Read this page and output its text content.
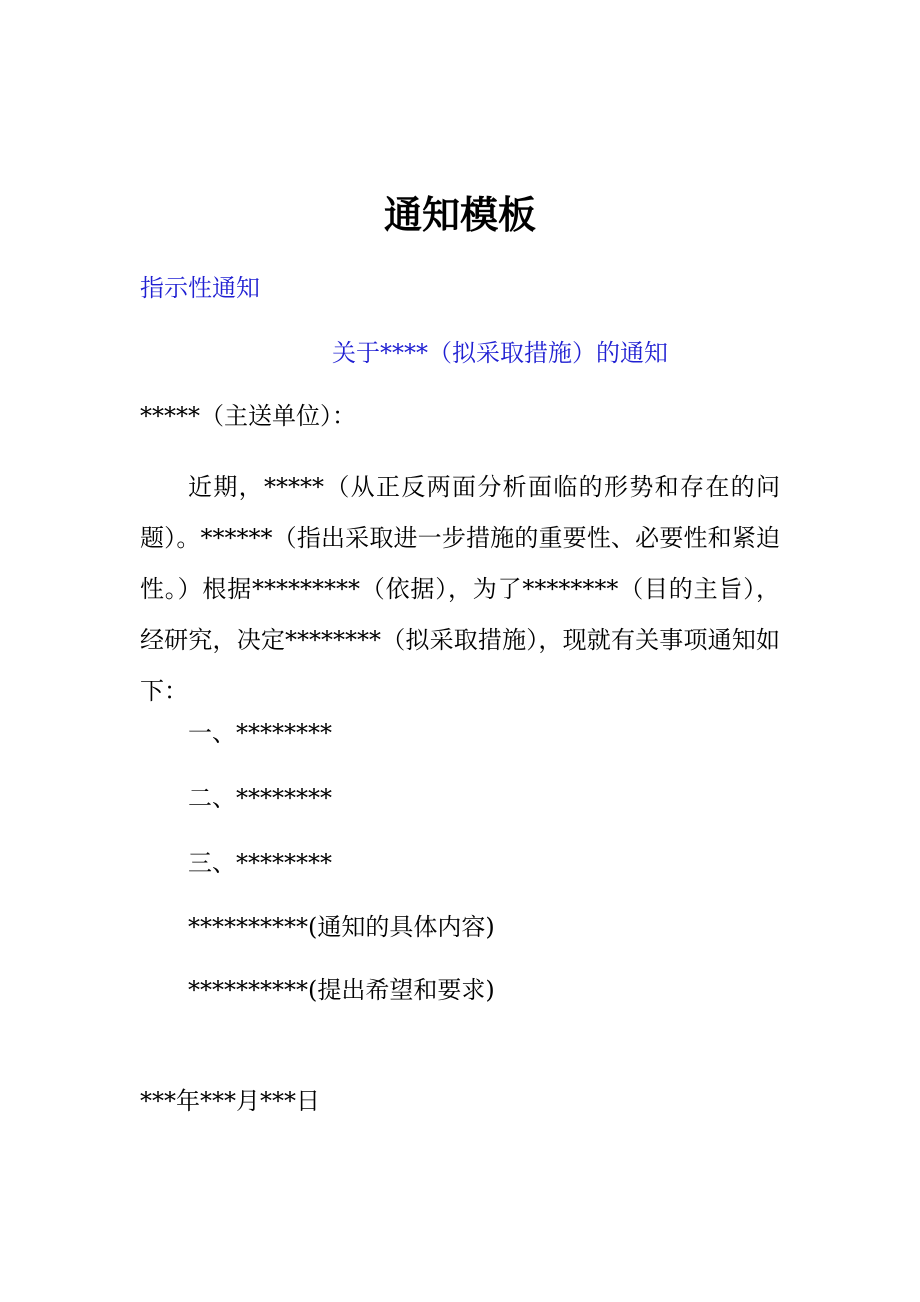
通知模板
指示性通知
关于****（拟采取措施）的通知
*****（主送单位）：
近期，*****（从正反两面分析面临的形势和存在的问题）。******（指出采取进一步措施的重要性、必要性和紧迫性。）根据*********（依据），为了********（目的主旨），经研究，决定********（拟采取措施），现就有关事项通知如下：
一、********
二、********
三、********
**********(通知的具体内容)
**********(提出希望和要求)
***年***月***日
